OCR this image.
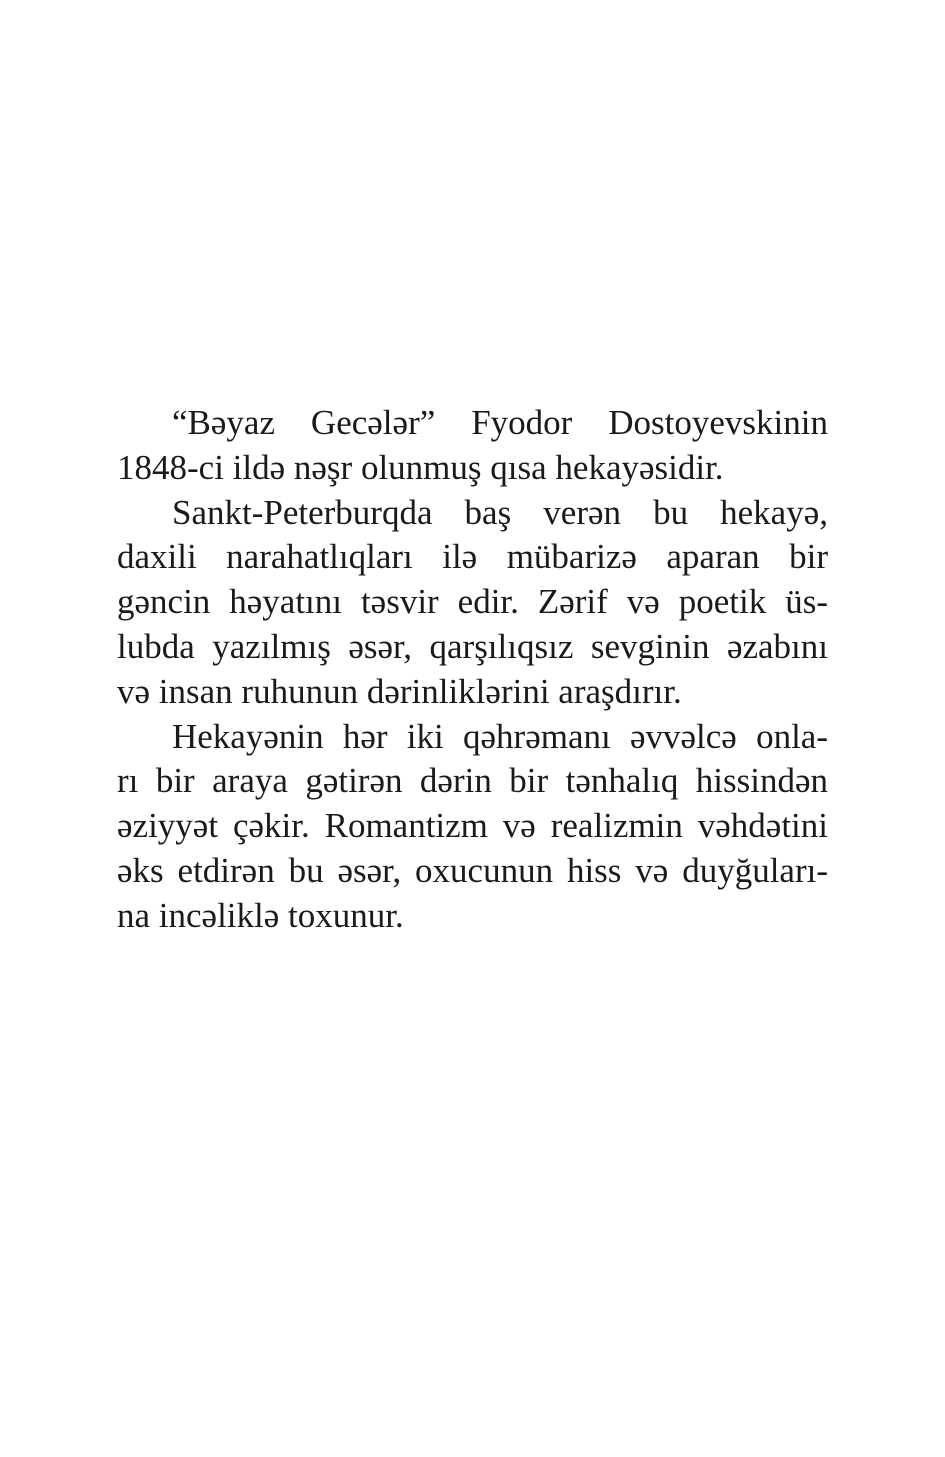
“Bəyaz Gecələr” Fyodor Dostoyevskinin
1848-ci ildə nəşr olunmuş qısa hekayəsidir.
Sankt-Peterburqda baş verən bu hekayə,
daxili narahatlıqları ilə mübarizə aparan bir
gəncin həyatını təsvir edir. Zərif və poetik üs-
lubda yazılmış əsər, qarşılıqsız sevginin əzabını
və insan ruhunun dərinliklərini araşdırır.
Hekayənin hər iki qəhrəmanı əvvəlcə onla-
rı bir araya gətirən dərin bir tənhalıq hissindən
əziyyət çəkir. Romantizm və realizmin vəhdətini
əks etdirən bu əsər, oxucunun hiss və duyğuları-
na incəliklə toxunur.
